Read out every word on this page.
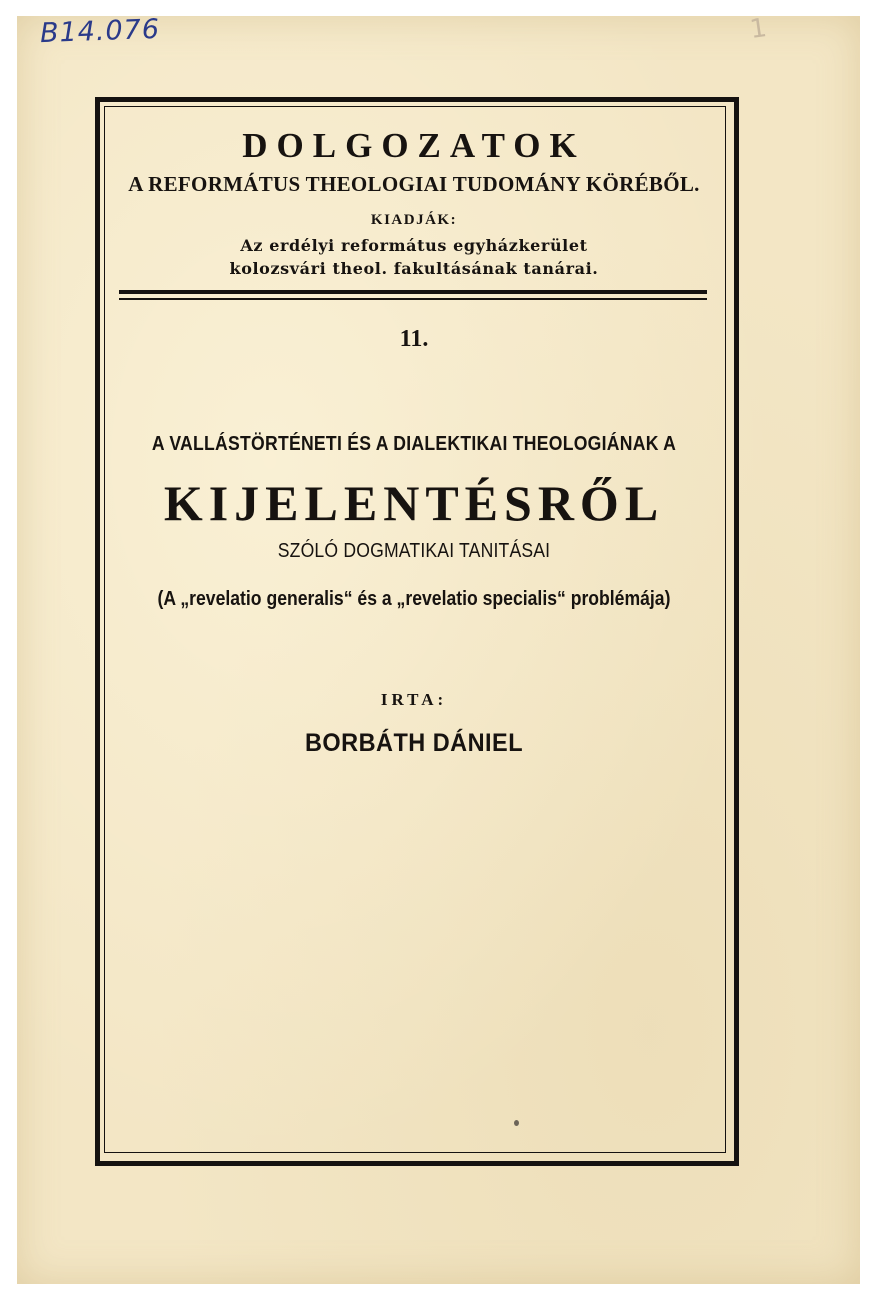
B14.076	1
DOLGOZATOK
A REFORMÁTUS THEOLOGIAI TUDOMÁNY KÖRÉBŐL.
KIADJÁK:
Az erdélyi református egyházkerület
kolozsvári theol. fakultásának tanárai.
11.
A VALLÁSTÖRTÉNETI ÉS A DIALEKTIKAI THEOLOGIÁNAK A
KIJELENTÉSRŐL
SZÓLÓ DOGMATIKAI TANITÁSAI
(A „revelatio generalis“ és a „revelatio specialis“ problémája)
IRTA:
BORBÁTH DÁNIEL
